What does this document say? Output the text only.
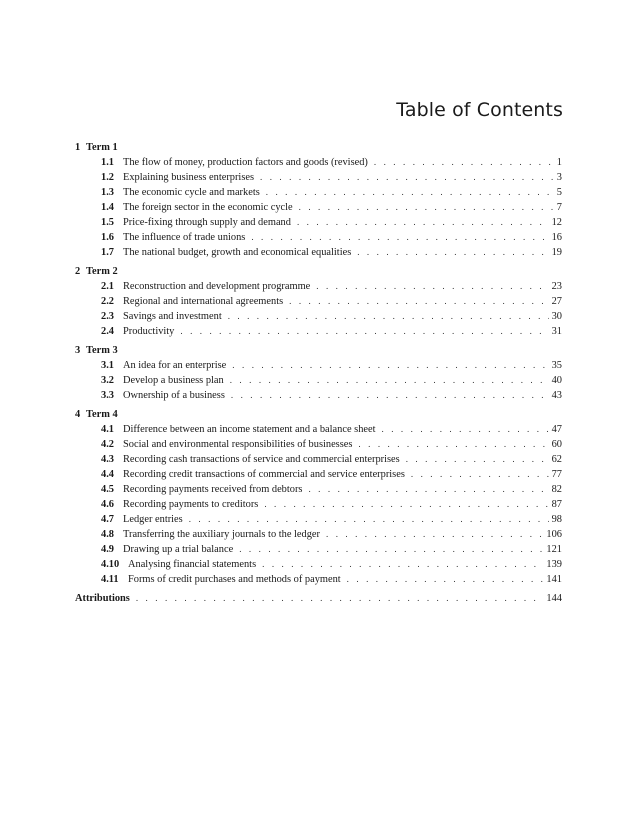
Table of Contents
1 Term 1
1.1 The flow of money, production factors and goods (revised) . . .	1
1.2 Explaining business enterprises . . .	3
1.3 The economic cycle and markets . . .	5
1.4 The foreign sector in the economic cycle . . .	7
1.5 Price-fixing through supply and demand . . .	12
1.6 The influence of trade unions . . .	16
1.7 The national budget, growth and economical equalities . . .	19
2 Term 2
2.1 Reconstruction and development programme . . .	23
2.2 Regional and international agreements . . .	27
2.3 Savings and investment . . .	30
2.4 Productivity . . .	31
3 Term 3
3.1 An idea for an enterprise . . .	35
3.2 Develop a business plan . . .	40
3.3 Ownership of a business . . .	43
4 Term 4
4.1 Difference between an income statement and a balance sheet . . .	47
4.2 Social and environmental responsibilities of businesses . . .	60
4.3 Recording cash transactions of service and commercial enterprises . . .	62
4.4 Recording credit transactions of commercial and service enterprises . . .	77
4.5 Recording payments received from debtors . . .	82
4.6 Recording payments to creditors . . .	87
4.7 Ledger entries . . .	98
4.8 Transferring the auxiliary journals to the ledger . . .	106
4.9 Drawing up a trial balance . . .	121
4.10 Analysing financial statements . . .	139
4.11 Forms of credit purchases and methods of payment . . .	141
Attributions . . .	144
